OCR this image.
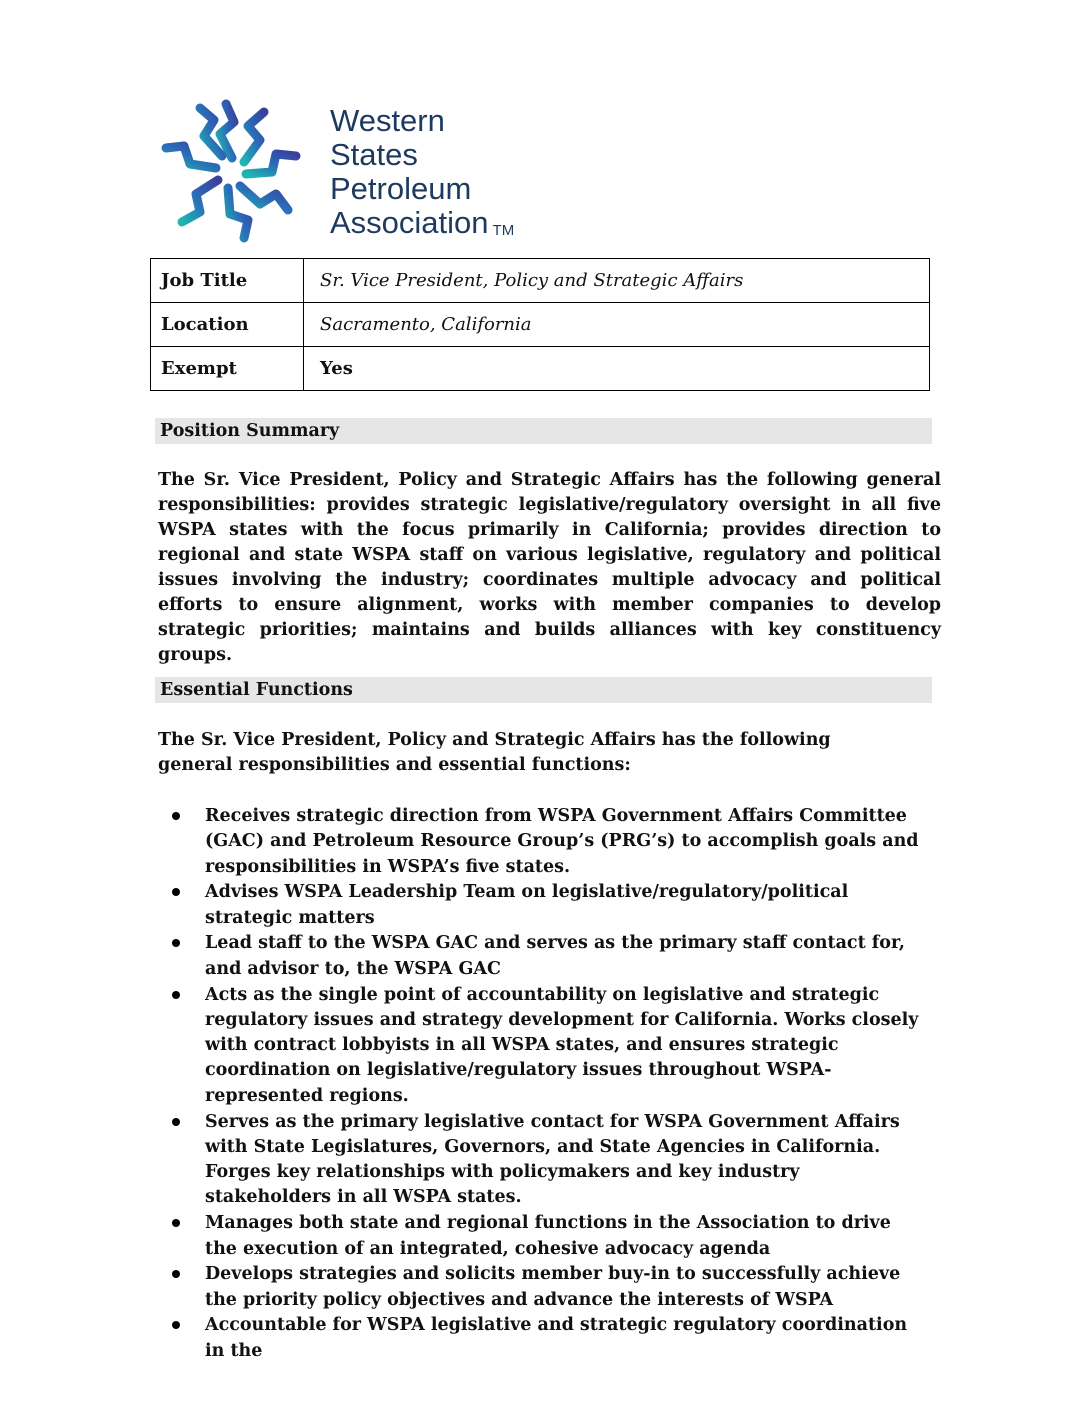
Western
States
Petroleum
Association TM
Job Title	Sr. Vice President, Policy and Strategic Affairs
Location	Sacramento, California
Exempt	Yes
Position Summary
The Sr. Vice President, Policy and Strategic Affairs has the following general responsibilities: provides strategic legislative/regulatory oversight in all five WSPA states with the focus primarily in California; provides direction to regional and state WSPA staff on various legislative, regulatory and political issues involving the industry; coordinates multiple advocacy and political efforts to ensure alignment, works with member companies to develop strategic priorities; maintains and builds alliances with key constituency groups.
Essential Functions
The Sr. Vice President, Policy and Strategic Affairs has the following general responsibilities and essential functions:
Receives strategic direction from WSPA Government Affairs Committee (GAC) and Petroleum Resource Group’s (PRG’s) to accomplish goals and responsibilities in WSPA’s five states.
Advises WSPA Leadership Team on legislative/regulatory/political strategic matters
Lead staff to the WSPA GAC and serves as the primary staff contact for, and advisor to, the WSPA GAC
Acts as the single point of accountability on legislative and strategic regulatory issues and strategy development for California. Works closely with contract lobbyists in all WSPA states, and ensures strategic coordination on legislative/regulatory issues throughout WSPA-represented regions.
Serves as the primary legislative contact for WSPA Government Affairs with State Legislatures, Governors, and State Agencies in California. Forges key relationships with policymakers and key industry stakeholders in all WSPA states.
Manages both state and regional functions in the Association to drive the execution of an integrated, cohesive advocacy agenda
Develops strategies and solicits member buy-in to successfully achieve the priority policy objectives and advance the interests of WSPA
Accountable for WSPA legislative and strategic regulatory coordination in the
